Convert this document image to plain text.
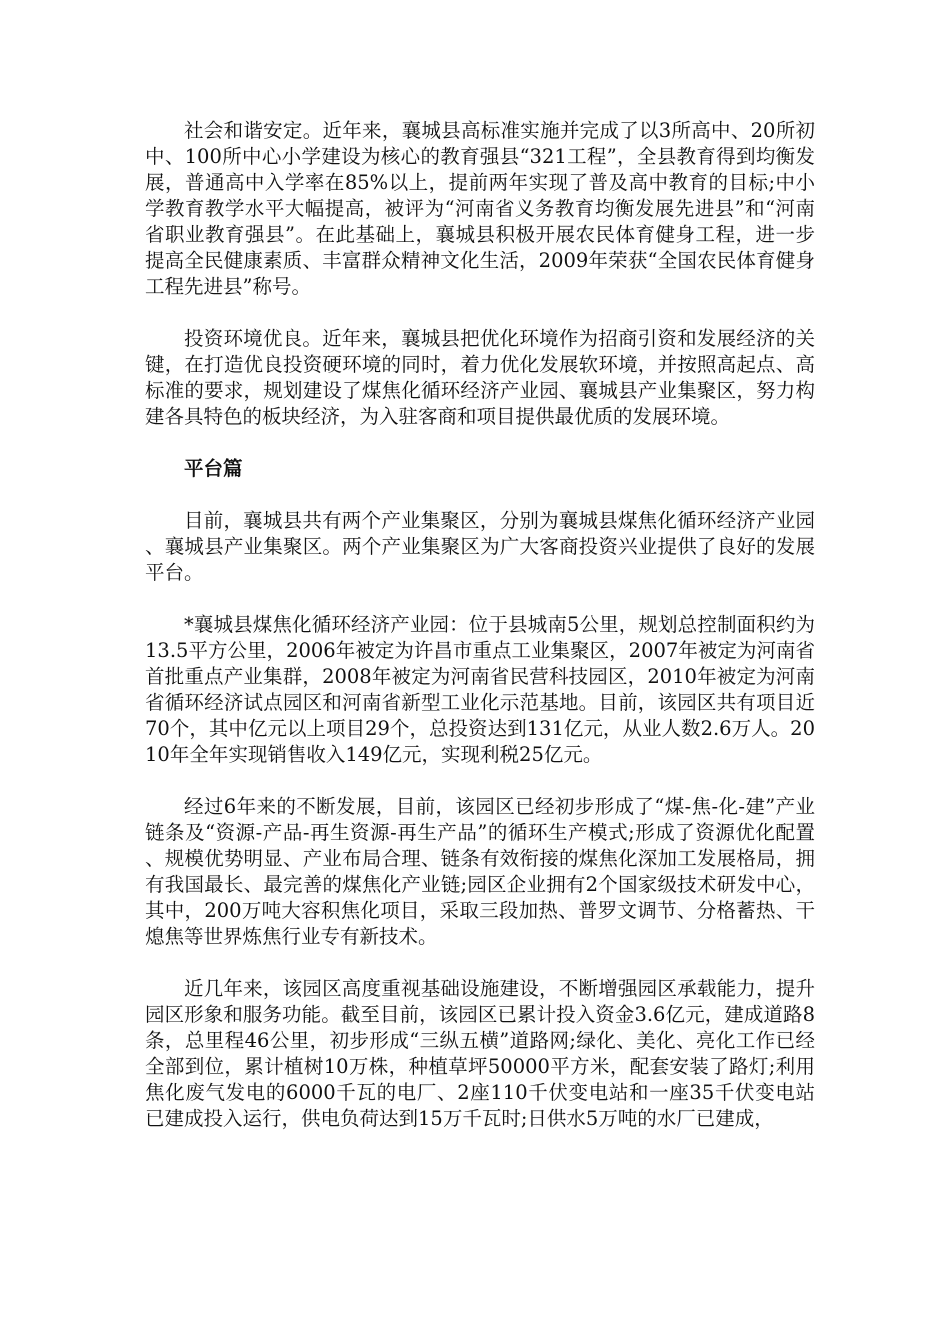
社会和谐安定。近年来，襄城县高标准实施并完成了以3所高中、20所初中、100所中心小学建设为核心的教育强县“321工程”，全县教育得到均衡发展，普通高中入学率在85%以上，提前两年实现了普及高中教育的目标;中小学教育教学水平大幅提高，被评为“河南省义务教育均衡发展先进县”和“河南省职业教育强县”。在此基础上，襄城县积极开展农民体育健身工程，进一步提高全民健康素质、丰富群众精神文化生活，2009年荣获“全国农民体育健身工程先进县”称号。

投资环境优良。近年来，襄城县把优化环境作为招商引资和发展经济的关键，在打造优良投资硬环境的同时，着力优化发展软环境，并按照高起点、高标准的要求，规划建设了煤焦化循环经济产业园、襄城县产业集聚区，努力构建各具特色的板块经济，为入驻客商和项目提供最优质的发展环境。

平台篇

目前，襄城县共有两个产业集聚区，分别为襄城县煤焦化循环经济产业园、襄城县产业集聚区。两个产业集聚区为广大客商投资兴业提供了良好的发展平台。

*襄城县煤焦化循环经济产业园：位于县城南5公里，规划总控制面积约为13.5平方公里，2006年被定为许昌市重点工业集聚区，2007年被定为河南省首批重点产业集群，2008年被定为河南省民营科技园区，2010年被定为河南省循环经济试点园区和河南省新型工业化示范基地。目前，该园区共有项目近70个，其中亿元以上项目29个，总投资达到131亿元，从业人数2.6万人。2010年全年实现销售收入149亿元，实现利税25亿元。

经过6年来的不断发展，目前，该园区已经初步形成了“煤-焦-化-建”产业链条及“资源-产品-再生资源-再生产品”的循环生产模式;形成了资源优化配置、规模优势明显、产业布局合理、链条有效衔接的煤焦化深加工发展格局，拥有我国最长、最完善的煤焦化产业链;园区企业拥有2个国家级技术研发中心，其中，200万吨大容积焦化项目，采取三段加热、普罗文调节、分格蓄热、干熄焦等世界炼焦行业专有新技术。

近几年来，该园区高度重视基础设施建设，不断增强园区承载能力，提升园区形象和服务功能。截至目前，该园区已累计投入资金3.6亿元，建成道路8条，总里程46公里，初步形成“三纵五横”道路网;绿化、美化、亮化工作已经全部到位，累计植树10万株，种植草坪50000平方米，配套安装了路灯;利用焦化废气发电的6000千瓦的电厂、2座110千伏变电站和一座35千伏变电站已建成投入运行，供电负荷达到15万千瓦时;日供水5万吨的水厂已建成，
